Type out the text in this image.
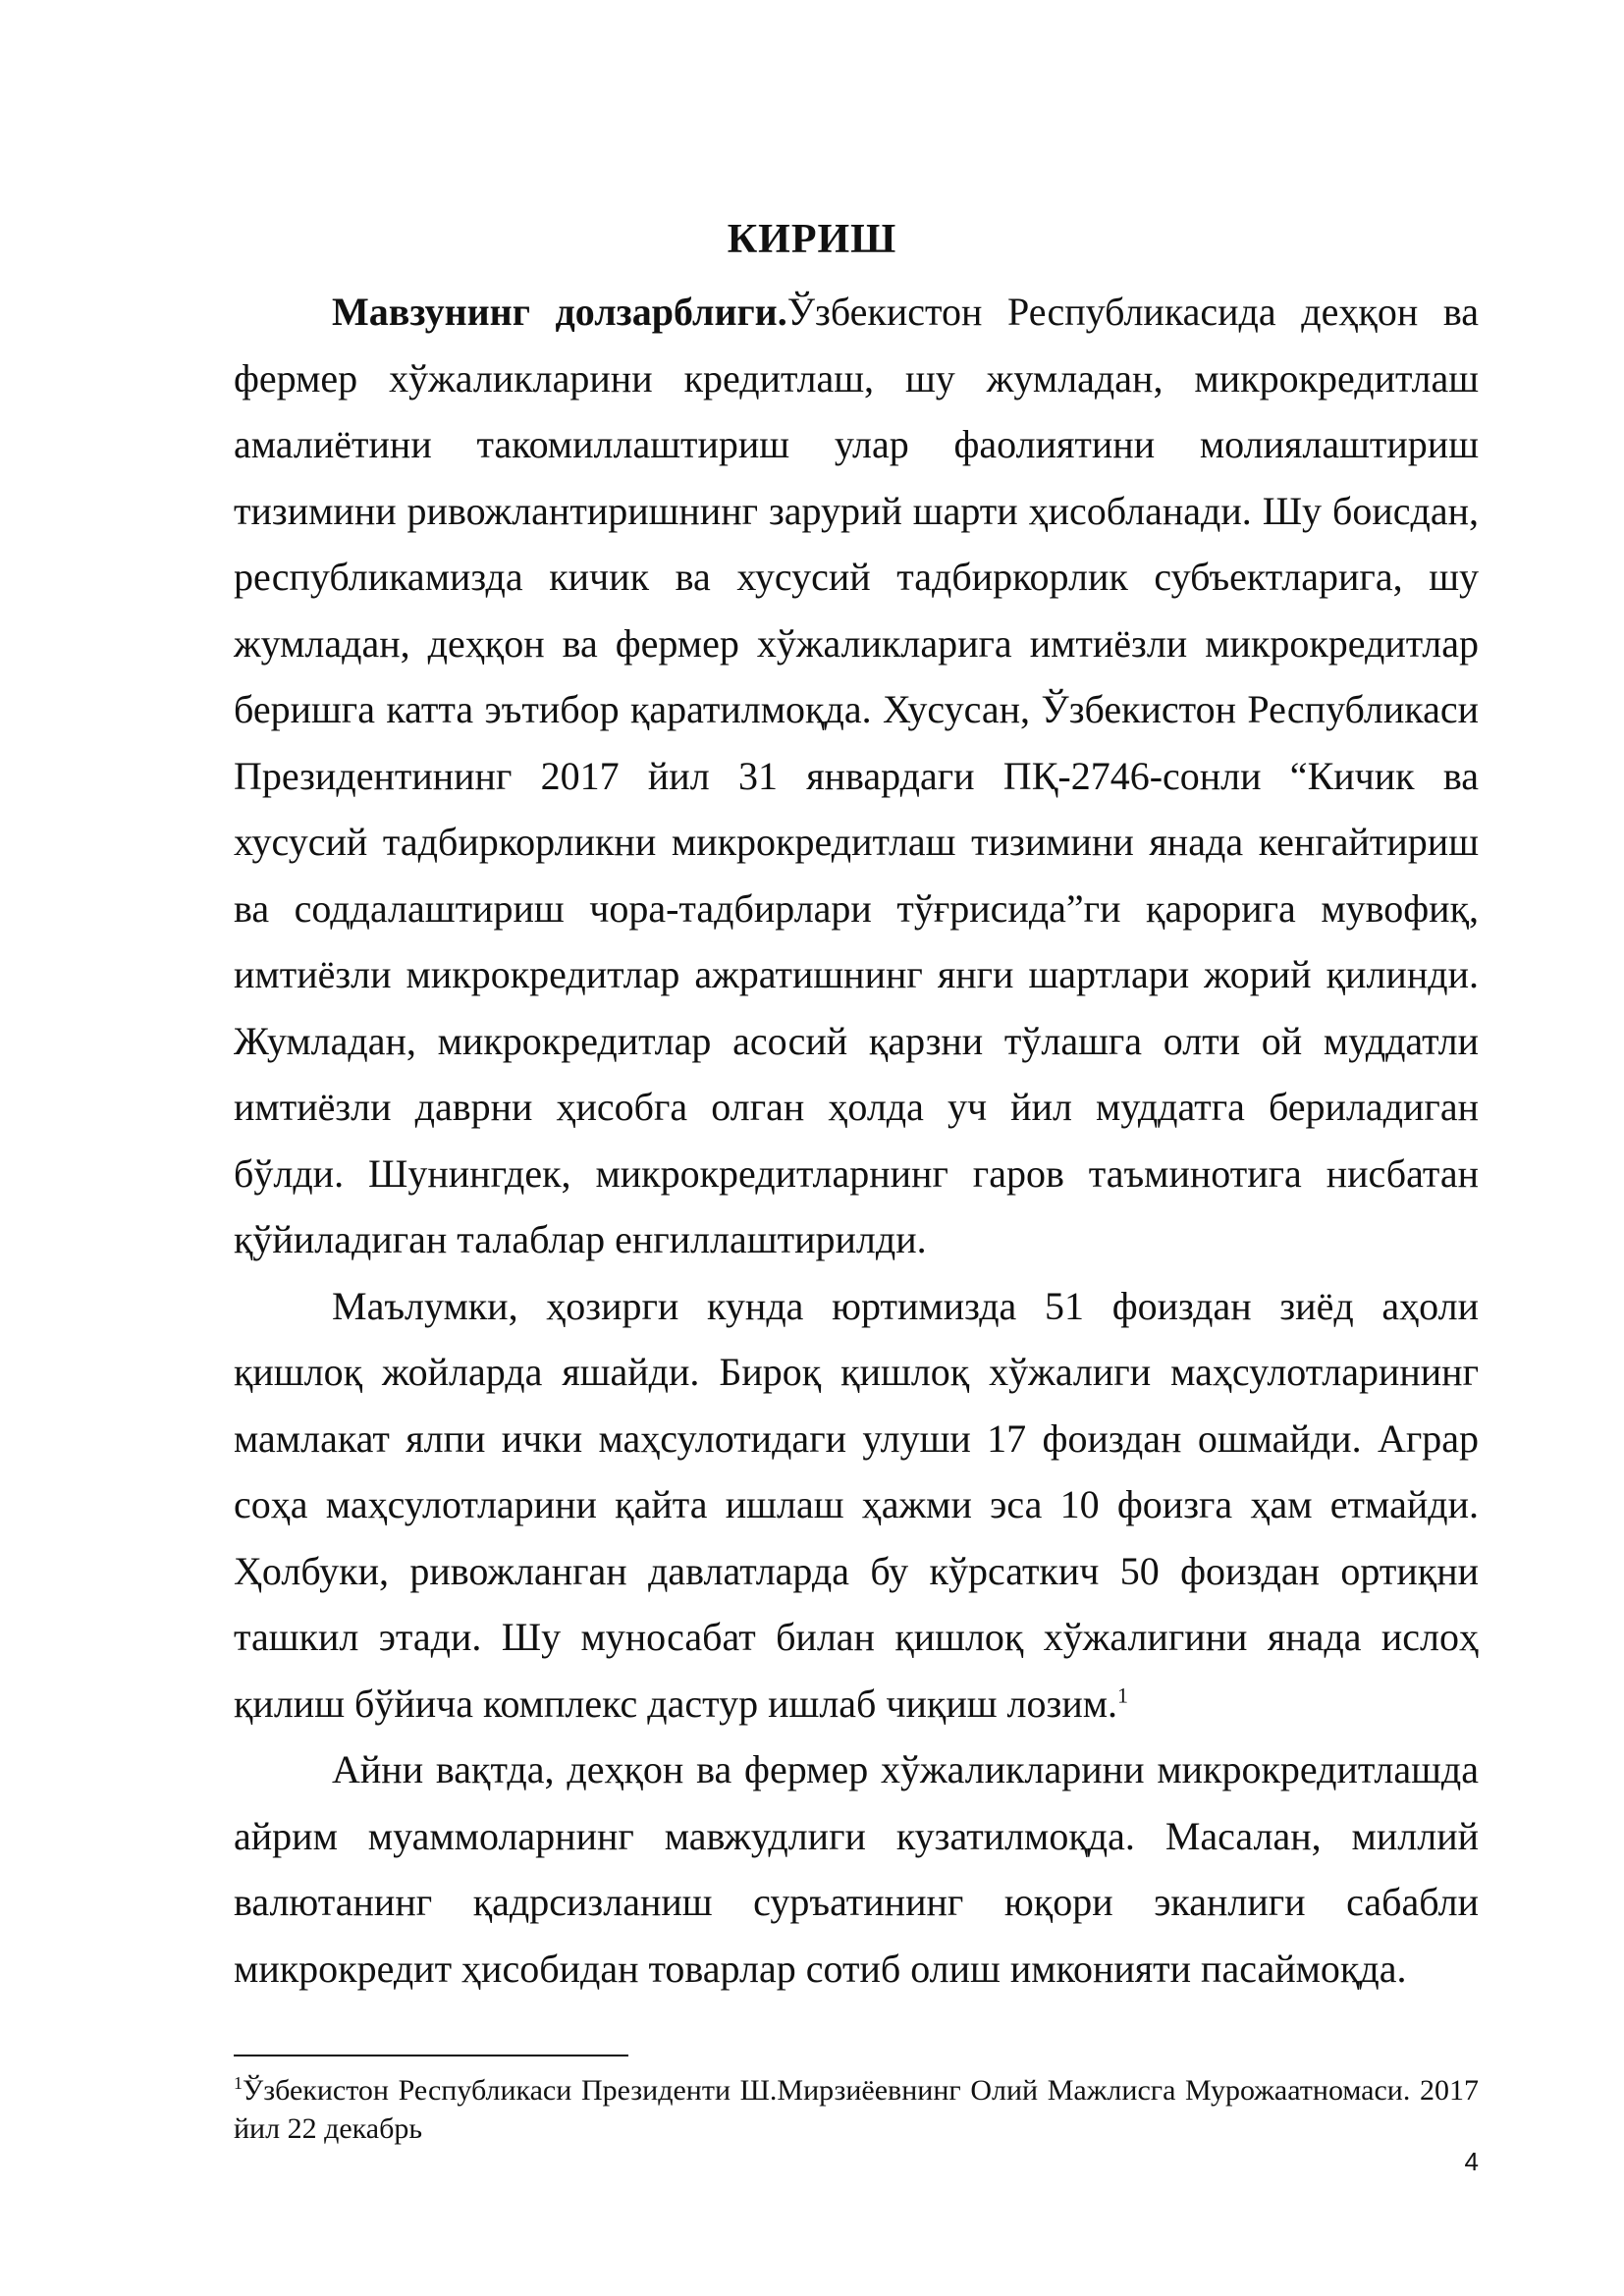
КИРИШ

Мавзунинг долзарблиги.Ўзбекистон Республикасида деҳқон ва фермер хўжаликларини кредитлаш, шу жумладан, микрокредитлаш амалиётини такомиллаштириш улар фаолиятини молиялаштириш тизимини ривожлантиришнинг зарурий шарти ҳисобланади. Шу боисдан, республикамизда кичик ва хусусий тадбиркорлик субъектларига, шу жумладан, деҳқон ва фермер хўжаликларига имтиёзли микрокредитлар беришга катта эътибор қаратилмоқда. Хусусан, Ўзбекистон Республикаси Президентининг 2017 йил 31 январдаги ПҚ-2746-сонли “Кичик ва хусусий тадбиркорликни микрокредитлаш тизимини янада кенгайтириш ва соддалаштириш чора-тадбирлари тўғрисида”ги қарорига мувофиқ, имтиёзли микрокредитлар ажратишнинг янги шартлари жорий қилинди. Жумладан, микрокредитлар асосий қарзни тўлашга олти ой муддатли имтиёзли даврни ҳисобга олган ҳолда уч йил муддатга бериладиган бўлди. Шунингдек, микрокредитларнинг гаров таъминотига нисбатан қўйиладиган талаблар енгиллаштирилди.

Маълумки, ҳозирги кунда юртимизда 51 фоиздан зиёд аҳоли қишлоқ жойларда яшайди. Бироқ қишлоқ хўжалиги маҳсулотларининг мамлакат ялпи ички маҳсулотидаги улуши 17 фоиздан ошмайди. Аграр соҳа маҳсулотларини қайта ишлаш ҳажми эса 10 фоизга ҳам етмайди. Ҳолбуки, ривожланган давлатларда бу кўрсаткич 50 фоиздан ортиқни ташкил этади. Шу муносабат билан қишлоқ хўжалигини янада ислоҳ қилиш бўйича комплекс дастур ишлаб чиқиш лозим.$^1$

Айни вақтда, деҳқон ва фермер хўжаликларини микрокредитлашда айрим муаммоларнинг мавжудлиги кузатилмоқда. Масалан, миллий валютанинг қадрсизланиш суръатининг юқори эканлиги сабабли микрокредит ҳисобидан товарлар сотиб олиш имконияти пасаймоқда.

$^1$Ўзбекистон Республикаси Президенти Ш.Мирзиёевнинг Олий Мажлисга Мурожаатномаси. 2017 йил 22 декабрь
4
